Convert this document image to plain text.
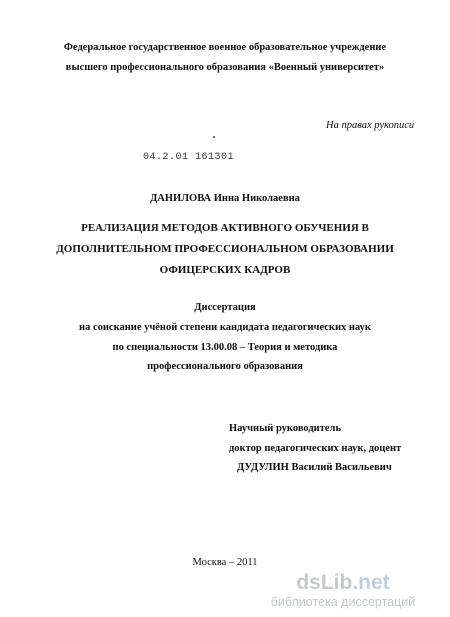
Федеральное государственное военное образовательное учреждение
высшего профессионального образования «Военный университет»
На правах рукописи
04.2.01 161301
ДАНИЛОВА Инна Николаевна
РЕАЛИЗАЦИЯ МЕТОДОВ АКТИВНОГО ОБУЧЕНИЯ В
ДОПОЛНИТЕЛЬНОМ ПРОФЕССИОНАЛЬНОМ ОБРАЗОВАНИИ
ОФИЦЕРСКИХ КАДРОВ
Диссертация
на соискание учёной степени кандидата педагогических наук
по специальности 13.00.08 – Теория и методика
профессионального образования
Научный руководитель
доктор педагогических наук, доцент
ДУДУЛИН Василий Васильевич
Москва – 2011
dsLib.net
библиотека диссертаций
